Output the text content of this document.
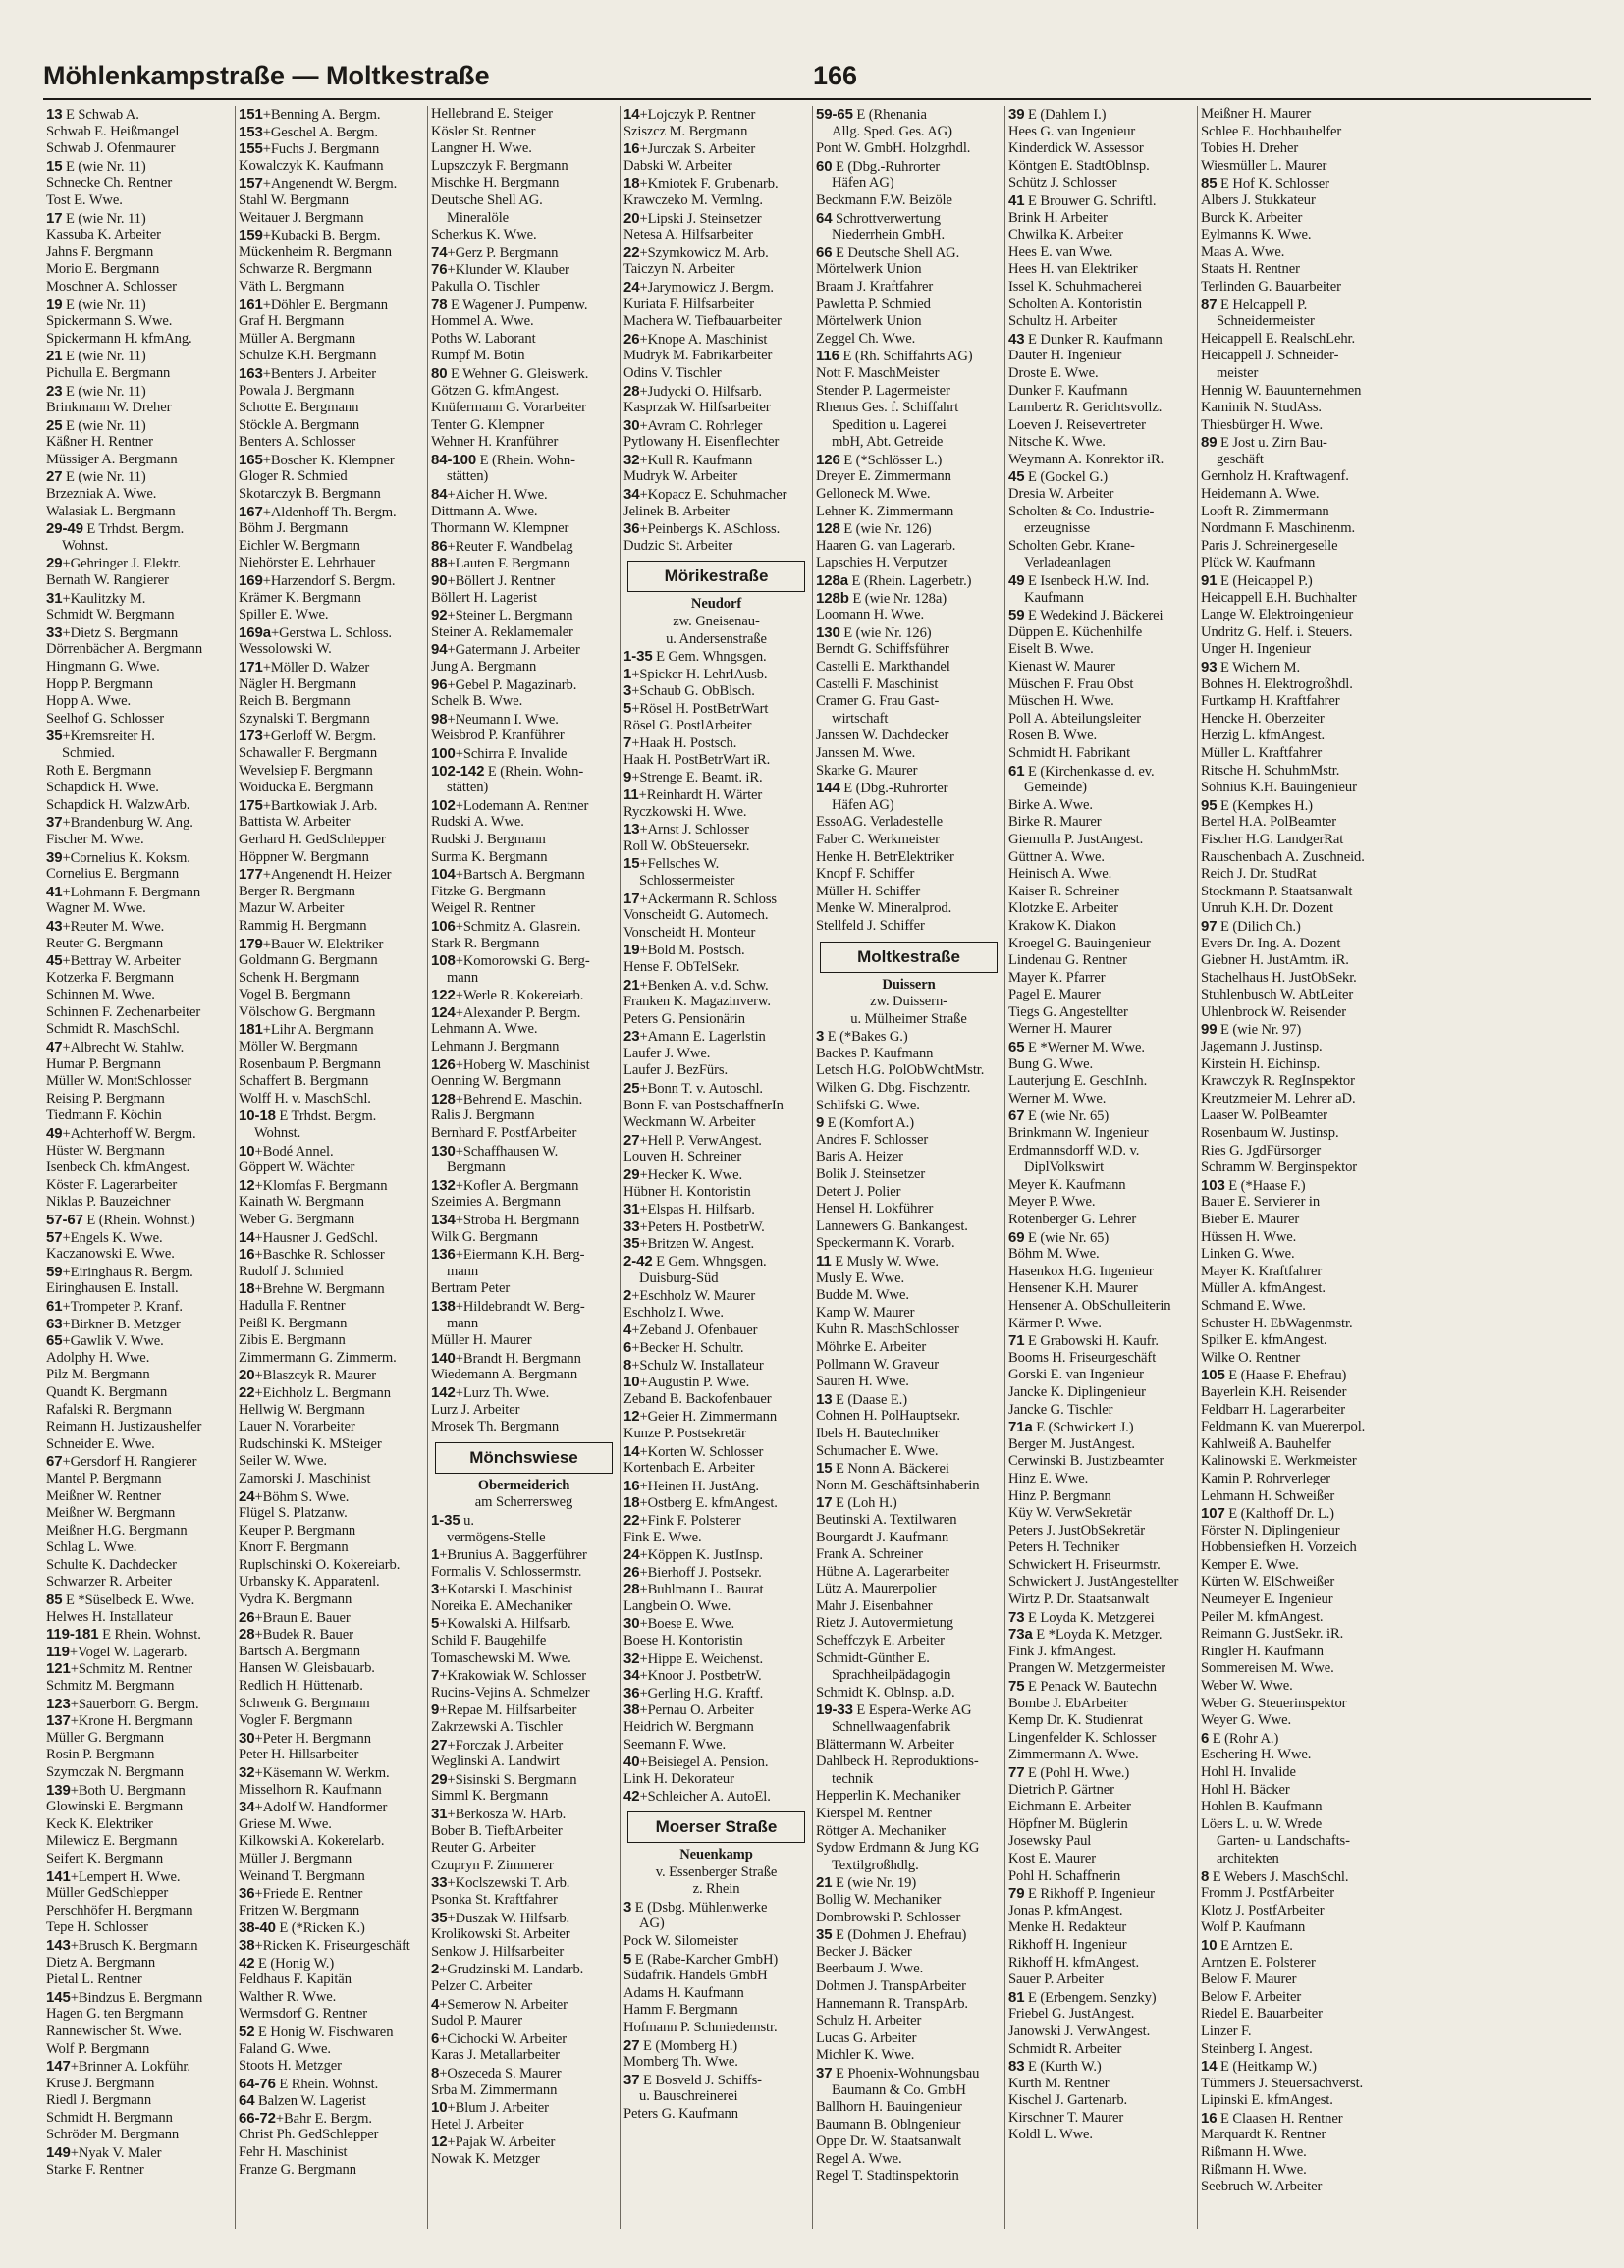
Möhlenkampstraße — Moltkestraße	166
13 E Schwab A.
Schwab E. Heißmangel
Schwab J. Ofenmaurer
15 E (wie Nr. 11)
Schnecke Ch. Rentner
Tost E. Wwe.
17 E (wie Nr. 11)
Kassuba K. Arbeiter
Jahns F. Bergmann
Morio E. Bergmann
Moschner A. Schlosser
19 E (wie Nr. 11)
Spickermann S. Wwe.
Spickermann H. kfmAng.
21 E (wie Nr. 11)
Pichulla E. Bergmann
23 E (wie Nr. 11)
Brinkmann W. Dreher
25 E (wie Nr. 11)
Käßner H. Rentner
Müssiger A. Bergmann
27 E (wie Nr. 11)
Brzezniak A. Wwe.
Walasiak L. Bergmann
29-49 E Trhdst. Bergm.
Wohnst.
29+Gehringer J. Elektr.
Bernath W. Rangierer
31+Kaulitzky M.
Schmidt W. Bergmann
33+Dietz S. Bergmann
Dörrenbächer A. Bergmann
Hingmann G. Wwe.
Hopp P. Bergmann
Hopp A. Wwe.
Seelhof G. Schlosser
35+Kremsreiter H.
Schmied.
Roth E. Bergmann
Schapdick H. Wwe.
Schapdick H. WalzwArb.
37+Brandenburg W. Ang.
Fischer M. Wwe.
39+Cornelius K. Koksm.
Cornelius E. Bergmann
41+Lohmann F. Bergmann
Wagner M. Wwe.
43+Reuter M. Wwe.
Reuter G. Bergmann
45+Bettray W. Arbeiter
Kotzerka F. Bergmann
Schinnen M. Wwe.
Schinnen F. Zechenarbeiter
Schmidt R. MaschSchl.
47+Albrecht W. Stahlw.
Humar P. Bergmann
Müller W. MontSchlosser
Reising P. Bergmann
Tiedmann F. Köchin
49+Achterhoff W. Bergm.
Hüster W. Bergmann
Isenbeck Ch. kfmAngest.
Köster F. Lagerarbeiter
Niklas P. Bauzeichner
57-67 E (Rhein. Wohnst.)
57+Engels K. Wwe.
Kaczanowski E. Wwe.
59+Eiringhaus R. Bergm.
Eiringhausen E. Install.
61+Trompeter P. Kranf.
63+Birkner B. Metzger
65+Gawlik V. Wwe.
Adolphy H. Wwe.
Pilz M. Bergmann
Quandt K. Bergmann
Rafalski R. Bergmann
Reimann H. Justizaushelfer
Schneider E. Wwe.
67+Gersdorf H. Rangierer
Mantel P. Bergmann
Meißner W. Rentner
Meißner W. Bergmann
Meißner H.G. Bergmann
Schlag L. Wwe.
Schulte K. Dachdecker
Schwarzer R. Arbeiter
85 E *Süselbeck E. Wwe.
Helwes H. Installateur
119-181 E Rhein. Wohnst.
119+Vogel W. Lagerarb.
121+Schmitz M. Rentner
Schmitz M. Bergmann
123+Sauerborn G. Bergm.
137+Krone H. Bergmann
Müller G. Bergmann
Rosin P. Bergmann
Szymczak N. Bergmann
139+Both U. Bergmann
Glowinski E. Bergmann
Keck K. Elektriker
Milewicz E. Bergmann
Seifert K. Bergmann
141+Lempert H. Wwe.
Müller GedSchlepper
Perschhöfer H. Bergmann
Tepe H. Schlosser
143+Brusch K. Bergmann
Dietz A. Bergmann
Pietal L. Rentner
145+Bindzus E. Bergmann
Hagen G. ten Bergmann
Rannewischer St. Wwe.
Wolf P. Bergmann
147+Brinner A. Lokführ.
Kruse J. Bergmann
Riedl J. Bergmann
Schmidt H. Bergmann
Schröder M. Bergmann
149+Nyak V. Maler
Starke F. Rentner
151+Benning A. Bergm.
153+Geschel A. Bergm.
155+Fuchs J. Bergmann
Kowalczyk K. Kaufmann
157+Angenendt W. Bergm.
Stahl W. Bergmann
Weitauer J. Bergmann
159+Kubacki B. Bergm.
Mückenheim R. Bergmann
Schwarze R. Bergmann
Väth L. Bergmann
161+Döhler E. Bergmann
Graf H. Bergmann
Müller A. Bergmann
Schulze K.H. Bergmann
163+Benters J. Arbeiter
Powala J. Bergmann
Schotte E. Bergmann
Stöckle A. Bergmann
Benters A. Schlosser
165+Boscher K. Klempner
Gloger R. Schmied
Skotarczyk B. Bergmann
167+Aldenhoff Th. Bergm.
Böhm J. Bergmann
Eichler W. Bergmann
Niehörster E. Lehrhauer
169+Harzendorf S. Bergm.
Krämer K. Bergmann
Spiller E. Wwe.
169a+Gerstwa L. Schloss.
Wessolowski W.
171+Möller D. Walzer
Nägler H. Bergmann
Reich B. Bergmann
Szynalski T. Bergmann
173+Gerloff W. Bergm.
Schawaller F. Bergmann
Wevelsiep F. Bergmann
Woiducka E. Bergmann
175+Bartkowiak J. Arb.
Battista W. Arbeiter
Gerhard H. GedSchlepper
Höppner W. Bergmann
177+Angenendt H. Heizer
Berger R. Bergmann
Mazur W. Arbeiter
Rammig H. Bergmann
179+Bauer W. Elektriker
Goldmann G. Bergmann
Schenk H. Bergmann
Vogel B. Bergmann
Völschow G. Bergmann
181+Lihr A. Bergmann
Möller W. Bergmann
Rosenbaum P. Bergmann
Schaffert B. Bergmann
Wolff H. v. MaschSchl.
10-18 E Trhdst. Bergm.
Wohnst.
10+Bodé Annel.
Göppert W. Wächter
12+Klomfas F. Bergmann
Kainath W. Bergmann
Weber G. Bergmann
14+Hausner J. GedSchl.
16+Baschke R. Schlosser
Rudolf J. Schmied
18+Brehne W. Bergmann
Hadulla F. Rentner
Peißl K. Bergmann
Zibis E. Bergmann
Zimmermann G. Zimmerm.
20+Blaszcyk R. Maurer
22+Eichholz L. Bergmann
Hellwig W. Bergmann
Lauer N. Vorarbeiter
Rudschinski K. MSteiger
Seiler W. Wwe.
Zamorski J. Maschinist
24+Böhm S. Wwe.
Flügel S. Platzanw.
Keuper P. Bergmann
Knorr F. Bergmann
Ruplschinski O. Kokereiarb.
Urbansky K. Apparatenl.
Vydra K. Bergmann
26+Braun E. Bauer
28+Budek R. Bauer
Bartsch A. Bergmann
Hansen W. Gleisbauarb.
Redlich H. Hüttenarb.
Schwenk G. Bergmann
Vogler F. Bergmann
30+Peter H. Bergmann
Peter H. Hillsarbeiter
32+Käsemann W. Werkm.
Misselhorn R. Kaufmann
34+Adolf W. Handformer
Griese M. Wwe.
Kilkowski A. Kokerelarb.
Müller J. Bergmann
Weinand T. Bergmann
36+Friede E. Rentner
Fritzen W. Bergmann
38-40 E (*Ricken K.)
38+Ricken K. Friseurgeschäft
42 E (Honig W.)
Feldhaus F. Kapitän
Walther R. Wwe.
Wermsdorf G. Rentner
52 E Honig W. Fischwaren
Faland G. Wwe.
Stoots H. Metzger
64-76 E Rhein. Wohnst.
64 Balzen W. Lagerist
66-72+Bahr E. Bergm.
Christ Ph. GedSchlepper
Fehr H. Maschinist
Franze G. Bergmann
Hellebrand E. Steiger
Kösler St. Rentner
Langner H. Wwe.
Lupszczyk F. Bergmann
Mischke H. Bergmann
Deutsche Shell AG.
Mineralöle
Scherkus K. Wwe.
74+Gerz P. Bergmann
76+Klunder W. Klauber
Pakulla O. Tischler
78 E Wagener J. Pumpenw.
Hommel A. Wwe.
Poths W. Laborant
Rumpf M. Botin
80 E Wehner G. Gleiswerk.
Götzen G. kfmAngest.
Knüfermann G. Vorarbeiter
Tenter G. Klempner
Wehner H. Kranführer
84-100 E (Rhein. Wohn-
stätten)
84+Aicher H. Wwe.
Dittmann A. Wwe.
Thormann W. Klempner
86+Reuter F. Wandbelag
88+Lauten F. Bergmann
90+Böllert J. Rentner
Böllert H. Lagerist
92+Steiner L. Bergmann
Steiner A. Reklamemaler
94+Gatermann J. Arbeiter
Jung A. Bergmann
96+Gebel P. Magazinarb.
Schelk B. Wwe.
98+Neumann I. Wwe.
Weisbrod P. Kranführer
100+Schirra P. Invalide
102-142 E (Rhein. Wohn-
stätten)
102+Lodemann A. Rentner
Rudski A. Wwe.
Rudski J. Bergmann
Surma K. Bergmann
104+Bartsch A. Bergmann
Fitzke G. Bergmann
Weigel R. Rentner
106+Schmitz A. Glasrein.
Stark R. Bergmann
108+Komorowski G. Berg-
mann
122+Werle R. Kokereiarb.
124+Alexander P. Bergm.
Lehmann A. Wwe.
Lehmann J. Bergmann
126+Hoberg W. Maschinist
Oenning W. Bergmann
128+Behrend E. Maschin.
Ralis J. Bergmann
Bernhard F. PostfArbeiter
130+Schaffhausen W.
Bergmann
132+Kofler A. Bergmann
Szeimies A. Bergmann
134+Stroba H. Bergmann
Wilk G. Bergmann
136+Eiermann K.H. Berg-
mann
Bertram Peter
138+Hildebrandt W. Berg-
mann
Müller H. Maurer
140+Brandt H. Bergmann
Wiedemann A. Bergmann
142+Lurz Th. Wwe.
Lurz J. Arbeiter
Mrosek Th. Bergmann
Mönchswiese
Obermeiderich
am Scherrersweg
1-35 u.
vermögens-Stelle
1+Brunius A. Baggerführer
Formalis V. Schlossermstr.
3+Kotarski I. Maschinist
Noreika E. AMechaniker
5+Kowalski A. Hilfsarb.
Schild F. Baugehilfe
Tomaschewski M. Wwe.
7+Krakowiak W. Schlosser
Rucins-Vejins A. Schmelzer
9+Repae M. Hilfsarbeiter
Zakrzewski A. Tischler
27+Forczak J. Arbeiter
Weglinski A. Landwirt
29+Sisinski S. Bergmann
Simml K. Bergmann
31+Berkosza W. HArb.
Bober B. TiefbArbeiter
Reuter G. Arbeiter
Czupryn F. Zimmerer
33+Koclszewski T. Arb.
Psonka St. Kraftfahrer
35+Duszak W. Hilfsarb.
Krolikowski St. Arbeiter
Senkow J. Hilfsarbeiter
2+Grudzinski M. Landarb.
Pelzer C. Arbeiter
4+Semerow N. Arbeiter
Sudol P. Maurer
6+Cichocki W. Arbeiter
Karas J. Metallarbeiter
8+Oszeceda S. Maurer
Srba M. Zimmermann
10+Blum J. Arbeiter
Hetel J. Arbeiter
12+Pajak W. Arbeiter
Nowak K. Metzger
14+Lojczyk P. Rentner
Sziszcz M. Bergmann
16+Jurczak S. Arbeiter
Dabski W. Arbeiter
18+Kmiotek F. Grubenarb.
Krawczeko M. Vermlng.
20+Lipski J. Steinsetzer
Netesa A. Hilfsarbeiter
22+Szymkowicz M. Arb.
Taiczyn N. Arbeiter
24+Jarymowicz J. Bergm.
Kuriata F. Hilfsarbeiter
Machera W. Tiefbauarbeiter
26+Knope A. Maschinist
Mudryk M. Fabrikarbeiter
Odins V. Tischler
28+Judycki O. Hilfsarb.
Kasprzak W. Hilfsarbeiter
30+Avram C. Rohrleger
Pytlowany H. Eisenflechter
32+Kull R. Kaufmann
Mudryk W. Arbeiter
34+Kopacz E. Schuhmacher
Jelinek B. Arbeiter
36+Peinbergs K. ASchloss.
Dudzic St. Arbeiter
Mörikestraße
Neudorf
zw. Gneisenau-
u. Andersenstraße
1-35 E Gem. Whngsgen.
1+Spicker H. LehrlAusb.
3+Schaub G. ObBlsch.
5+Rösel H. PostBetrWart
Rösel G. PostlArbeiter
7+Haak H. Postsch.
Haak H. PostBetrWart iR.
9+Strenge E. Beamt. iR.
11+Reinhardt H. Wärter
Ryczkowski H. Wwe.
13+Arnst J. Schlosser
Roll W. ObSteuersekr.
15+Fellsches W.
Schlossermeister
17+Ackermann R. Schloss
Vonscheidt G. Automech.
Vonscheidt H. Monteur
19+Bold M. Postsch.
Hense F. ObTelSekr.
21+Benken A. v.d. Schw.
Franken K. Magazinverw.
Peters G. Pensionärin
23+Amann E. Lagerlstin
Laufer J. Wwe.
Laufer J. BezFürs.
25+Bonn T. v. Autoschl.
Bonn F. van PostschaffnerIn
Weckmann W. Arbeiter
27+Hell P. VerwAngest.
Louven H. Schreiner
29+Hecker K. Wwe.
Hübner H. Kontoristin
31+Elspas H. Hilfsarb.
33+Peters H. PostbetrW.
35+Britzen W. Angest.
2-42 E Gem. Whngsgen.
Duisburg-Süd
2+Eschholz W. Maurer
Eschholz I. Wwe.
4+Zeband J. Ofenbauer
6+Becker H. Schultr.
8+Schulz W. Installateur
10+Augustin P. Wwe.
Zeband B. Backofenbauer
12+Geier H. Zimmermann
Kunze P. Postsekretär
14+Korten W. Schlosser
Kortenbach E. Arbeiter
16+Heinen H. JustAng.
18+Ostberg E. kfmAngest.
22+Fink F. Polsterer
Fink E. Wwe.
24+Köppen K. JustInsp.
26+Bierhoff J. Postsekr.
28+Buhlmann L. Baurat
Langbein O. Wwe.
30+Boese E. Wwe.
Boese H. Kontoristin
32+Hippe E. Weichenst.
34+Knoor J. PostbetrW.
36+Gerling H.G. Kraftf.
38+Pernau O. Arbeiter
Heidrich W. Bergmann
Seemann F. Wwe.
40+Beisiegel A. Pension.
Link H. Dekorateur
42+Schleicher A. AutoEl.
Moerser Straße
Neuenkamp
v. Essenberger Straße
z. Rhein
3 E (Dsbg. Mühlenwerke
AG)
Pock W. Silomeister
5 E (Rabe-Karcher GmbH)
Südafrik. Handels GmbH
Adams H. Kaufmann
Hamm F. Bergmann
Hofmann P. Schmiedemstr.
27 E (Momberg H.)
Momberg Th. Wwe.
37 E Bosveld J. Schiffs-
u. Bauschreinerei
Peters G. Kaufmann
59-65 E (Rhenania
Allg. Sped. Ges. AG)
Pont W. GmbH. Holzgrhdl.
60 E (Dbg.-Ruhrorter
Häfen AG)
Beckmann F.W. Beizöle
64 Schrottverwertung
Niederrhein GmbH.
66 E Deutsche Shell AG.
Mörtelwerk Union
Braam J. Kraftfahrer
Pawletta P. Schmied
Mörtelwerk Union
Zeggel Ch. Wwe.
116 E (Rh. Schiffahrts AG)
Nott F. MaschMeister
Stender P. Lagermeister
Rhenus Ges. f. Schiffahrt
Spedition u. Lagerei
mbH, Abt. Getreide
126 E (*Schlösser L.)
Dreyer E. Zimmermann
Gelloneck M. Wwe.
Lehner K. Zimmermann
128 E (wie Nr. 126)
Haaren G. van Lagerarb.
Lapschies H. Verputzer
128a E (Rhein. Lagerbetr.)
128b E (wie Nr. 128a)
Loomann H. Wwe.
130 E (wie Nr. 126)
Berndt G. Schiffsführer
Castelli E. Markthandel
Castelli F. Maschinist
Cramer G. Frau Gast-
wirtschaft
Janssen W. Dachdecker
Janssen M. Wwe.
Skarke G. Maurer
144 E (Dbg.-Ruhrorter
Häfen AG)
EssoAG. Verladestelle
Faber C. Werkmeister
Henke H. BetrElektriker
Knopf F. Schiffer
Müller H. Schiffer
Menke W. Mineralprod.
Stellfeld J. Schiffer
Moltkestraße
Duissern
zw. Duissern-
u. Mülheimer Straße
3 E (*Bakes G.)
Backes P. Kaufmann
Letsch H.G. PolObWchtMstr.
Wilken G. Dbg. Fischzentr.
Schlifski G. Wwe.
9 E (Komfort A.)
Andres F. Schlosser
Baris A. Heizer
Bolik J. Steinsetzer
Detert J. Polier
Hensel H. Lokführer
Lannewers G. Bankangest.
Speckermann K. Vorarb.
11 E Musly W. Wwe.
Musly E. Wwe.
Budde M. Wwe.
Kamp W. Maurer
Kuhn R. MaschSchlosser
Möhrke E. Arbeiter
Pollmann W. Graveur
Sauren H. Wwe.
13 E (Daase E.)
Cohnen H. PolHauptsekr.
Ibels H. Bautechniker
Schumacher E. Wwe.
15 E Nonn A. Bäckerei
Nonn M. Geschäftsinhaberin
17 E (Loh H.)
Beutinski A. Textilwaren
Bourgardt J. Kaufmann
Frank A. Schreiner
Hübne A. Lagerarbeiter
Lütz A. Maurerpolier
Mahr J. Eisenbahner
Rietz J. Autovermietung
Scheffczyk E. Arbeiter
Schmidt-Günther E.
Sprachheilpädagogin
Schmidt K. Oblnsp. a.D.
19-33 E Espera-Werke AG
Schnellwaagenfabrik
Blättermann W. Arbeiter
Dahlbeck H. Reproduktions-
technik
Hepperlin K. Mechaniker
Kierspel M. Rentner
Röttger A. Mechaniker
Sydow Erdmann & Jung KG
Textilgroßhdlg.
21 E (wie Nr. 19)
Bollig W. Mechaniker
Dombrowski P. Schlosser
35 E (Dohmen J. Ehefrau)
Becker J. Bäcker
Beerbaum J. Wwe.
Dohmen J. TranspArbeiter
Hannemann R. TranspArb.
Schulz H. Arbeiter
Lucas G. Arbeiter
Michler K. Wwe.
37 E Phoenix-Wohnungsbau
Baumann & Co. GmbH
Ballhorn H. Bauingenieur
Baumann B. Oblngenieur
Oppe Dr. W. Staatsanwalt
Regel A. Wwe.
Regel T. Stadtinspektorin
39 E (Dahlem I.)
Hees G. van Ingenieur
Kinderdick W. Assessor
Köntgen E. StadtOblnsp.
Schütz J. Schlosser
41 E Brouwer G. Schriftl.
Brink H. Arbeiter
Chwilka K. Arbeiter
Hees E. van Wwe.
Hees H. van Elektriker
Issel K. Schuhmacherei
Scholten A. Kontoristin
Schultz H. Arbeiter
43 E Dunker R. Kaufmann
Dauter H. Ingenieur
Droste E. Wwe.
Dunker F. Kaufmann
Lambertz R. Gerichtsvollz.
Loeven J. Reisevertreter
Nitsche K. Wwe.
Weymann A. Konrektor iR.
45 E (Gockel G.)
Dresia W. Arbeiter
Scholten & Co. Industrie-
erzeugnisse
Scholten Gebr. Krane-
Verladeanlagen
49 E Isenbeck H.W. Ind.
Kaufmann
59 E Wedekind J. Bäckerei
Düppen E. Küchenhilfe
Eiselt B. Wwe.
Kienast W. Maurer
Müschen F. Frau Obst
Müschen H. Wwe.
Poll A. Abteilungsleiter
Rosen B. Wwe.
Schmidt H. Fabrikant
61 E (Kirchenkasse d. ev.
Gemeinde)
Birke A. Wwe.
Birke R. Maurer
Giemulla P. JustAngest.
Güttner A. Wwe.
Heinisch A. Wwe.
Kaiser R. Schreiner
Klotzke E. Arbeiter
Krakow K. Diakon
Kroegel G. Bauingenieur
Lindenau G. Rentner
Mayer K. Pfarrer
Pagel E. Maurer
Tiegs G. Angestellter
Werner H. Maurer
65 E *Werner M. Wwe.
Bung G. Wwe.
Lauterjung E. GeschInh.
Werner M. Wwe.
67 E (wie Nr. 65)
Brinkmann W. Ingenieur
Erdmannsdorff W.D. v.
DiplVolkswirt
Meyer K. Kaufmann
Meyer P. Wwe.
Rotenberger G. Lehrer
69 E (wie Nr. 65)
Böhm M. Wwe.
Hasenkox H.G. Ingenieur
Hensener K.H. Maurer
Hensener A. ObSchulleiterin
Kärmer P. Wwe.
71 E Grabowski H. Kaufr.
Booms H. Friseurgeschäft
Gorski E. van Ingenieur
Jancke K. Diplingenieur
Jancke G. Tischler
71a E (Schwickert J.)
Berger M. JustAngest.
Cerwinski B. Justizbeamter
Hinz E. Wwe.
Hinz P. Bergmann
Küy W. VerwSekretär
Peters J. JustObSekretär
Peters H. Techniker
Schwickert H. Friseurmstr.
Schwickert J. JustAngestellter
Wirtz P. Dr. Staatsanwalt
73 E Loyda K. Metzgerei
73a E *Loyda K. Metzger.
Fink J. kfmAngest.
Prangen W. Metzgermeister
75 E Penack W. Bautechn
Bombe J. EbArbeiter
Kemp Dr. K. Studienrat
Lingenfelder K. Schlosser
Zimmermann A. Wwe.
77 E (Pohl H. Wwe.)
Dietrich P. Gärtner
Eichmann E. Arbeiter
Höpfner M. Büglerin
Josewsky Paul
Kost E. Maurer
Pohl H. Schaffnerin
79 E Rikhoff P. Ingenieur
Jonas P. kfmAngest.
Menke H. Redakteur
Rikhoff H. Ingenieur
Rikhoff H. kfmAngest.
Sauer P. Arbeiter
81 E (Erbengem. Senzky)
Friebel G. JustAngest.
Janowski J. VerwAngest.
Schmidt R. Arbeiter
83 E (Kurth W.)
Kurth M. Rentner
Kischel J. Gartenarb.
Kirschner T. Maurer
Koldl L. Wwe.
Meißner H. Maurer
Schlee E. Hochbauhelfer
Tobies H. Dreher
Wiesmüller L. Maurer
85 E Hof K. Schlosser
Albers J. Stukkateur
Burck K. Arbeiter
Eylmanns K. Wwe.
Maas A. Wwe.
Staats H. Rentner
Terlinden G. Bauarbeiter
87 E Helcappell P.
Schneidermeister
Heicappell E. RealschLehr.
Heicappell J. Schneider-
meister
Hennig W. Bauunternehmen
Kaminik N. StudAss.
Thiesbürger H. Wwe.
89 E Jost u. Zirn Bau-
geschäft
Gernholz H. Kraftwagenf.
Heidemann A. Wwe.
Looft R. Zimmermann
Nordmann F. Maschinenm.
Paris J. Schreinergeselle
Plück W. Kaufmann
91 E (Heicappel P.)
Heicappell E.H. Buchhalter
Lange W. Elektroingenieur
Undritz G. Helf. i. Steuers.
Unger H. Ingenieur
93 E Wichern M.
Bohnes H. Elektrogroßhdl.
Furtkamp H. Kraftfahrer
Hencke H. Oberzeiter
Herzig L. kfmAngest.
Müller L. Kraftfahrer
Ritsche H. SchuhmMstr.
Sohnius K.H. Bauingenieur
95 E (Kempkes H.)
Bertel H.A. PolBeamter
Fischer H.G. LandgerRat
Rauschenbach A. Zuschneid.
Reich J. Dr. StudRat
Stockmann P. Staatsanwalt
Unruh K.H. Dr. Dozent
97 E (Dilich Ch.)
Evers Dr. Ing. A. Dozent
Giebner H. JustAmtm. iR.
Stachelhaus H. JustObSekr.
Stuhlenbusch W. AbtLeiter
Uhlenbrock W. Reisender
99 E (wie Nr. 97)
Jagemann J. Justinsp.
Kirstein H. Eichinsp.
Krawczyk R. RegInspektor
Kreutzmeier M. Lehrer aD.
Laaser W. PolBeamter
Rosenbaum W. Justinsp.
Ries G. JgdFürsorger
Schramm W. Berginspektor
103 E (*Haase F.)
Bauer E. Servierer in
Bieber E. Maurer
Hüssen H. Wwe.
Linken G. Wwe.
Mayer K. Kraftfahrer
Müller A. kfmAngest.
Schmand E. Wwe.
Schuster H. EbWagenmstr.
Spilker E. kfmAngest.
Wilke O. Rentner
105 E (Haase F. Ehefrau)
Bayerlein K.H. Reisender
Feldbarr H. Lagerarbeiter
Feldmann K. van Muererpol.
Kahlweiß A. Bauhelfer
Kalinowski E. Werkmeister
Kamin P. Rohrverleger
Lehmann H. Schweißer
107 E (Kalthoff Dr. L.)
Förster N. Diplingenieur
Hobbensiefken H. Vorzeich
Kemper E. Wwe.
Kürten W. ElSchweißer
Neumeyer E. Ingenieur
Peiler M. kfmAngest.
Reimann G. JustSekr. iR.
Ringler H. Kaufmann
Sommereisen M. Wwe.
Weber W. Wwe.
Weber G. Steuerinspektor
Weyer G. Wwe.
6 E (Rohr A.)
Eschering H. Wwe.
Hohl H. Invalide
Hohl H. Bäcker
Hohlen B. Kaufmann
Löers L. u. W. Wrede
Garten- u. Landschafts-
architekten
8 E Webers J. MaschSchl.
Fromm J. PostfArbeiter
Klotz J. PostfArbeiter
Wolf P. Kaufmann
10 E Arntzen E.
Arntzen E. Polsterer
Below F. Maurer
Below F. Arbeiter
Riedel E. Bauarbeiter
Linzer F.
Steinberg I. Angest.
14 E (Heitkamp W.)
Tümmers J. Steuersachverst.
Lipinski E. kfmAngest.
16 E Claasen H. Rentner
Marquardt K. Rentner
Rißmann H. Wwe.
Rißmann H. Wwe.
Seebruch W. Arbeiter
